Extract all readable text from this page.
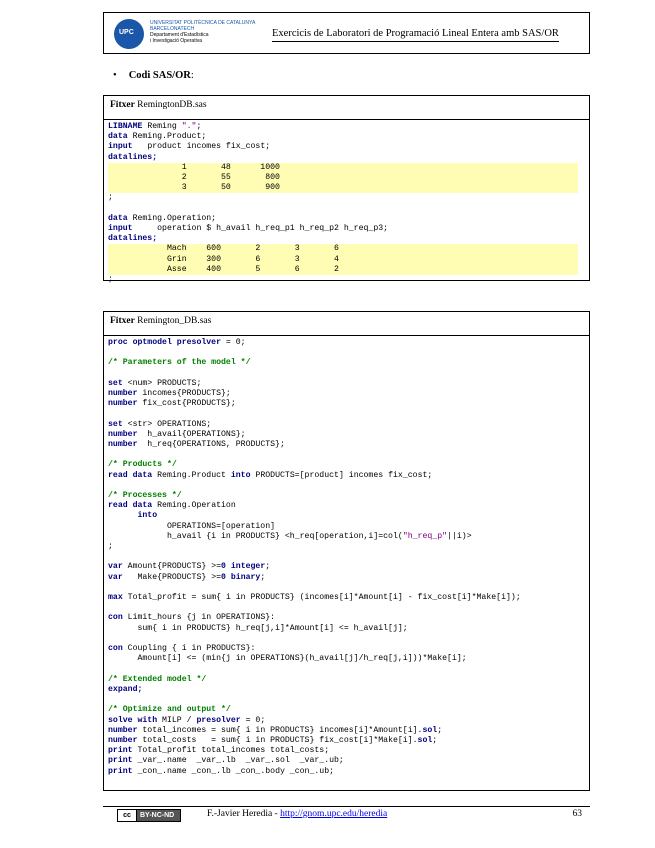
UPC
UNIVERSITAT POLITÈCNICA DE CATALUNYA
BARCELONATECH
Departament d'Estadística
i Investigació Operativa
Exercicis de Laboratori de Programació Lineal Entera amb SAS/OR
• Codi SAS/OR:
Fitxer RemingtonDB.sas
LIBNAME Reming ".";
data Reming.Product;
input   product incomes fix_cost;
datalines;
1       48      1000
2       55       800
3       50       900
;

data Reming.Operation;
input     operation $ h_avail h_req_p1 h_req_p2 h_req_p3;
datalines;
Mach    600       2       3       6
Grin    300       6       3       4
Asse    400       5       6       2
;
Fitxer Remington_DB.sas
proc optmodel presolver = 0;

/* Parameters of the model */

set <num> PRODUCTS;
number incomes{PRODUCTS};
number fix_cost{PRODUCTS};

set <str> OPERATIONS;
number  h_avail{OPERATIONS};
number  h_req{OPERATIONS, PRODUCTS};

/* Products */
read data Reming.Product into PRODUCTS=[product] incomes fix_cost;

/* Processes */
read data Reming.Operation
into
OPERATIONS=[operation]
h_avail {i in PRODUCTS} <h_req[operation,i]=col("h_req_p"||i)>
;

var Amount{PRODUCTS} >=0 integer;
var   Make{PRODUCTS} >=0 binary;

max Total_profit = sum{ i in PRODUCTS} (incomes[i]*Amount[i] - fix_cost[i]*Make[i]);

con Limit_hours {j in OPERATIONS}:
sum{ i in PRODUCTS} h_req[j,i]*Amount[i] <= h_avail[j];

con Coupling { i in PRODUCTS}:
Amount[i] <= (min{j in OPERATIONS}(h_avail[j]/h_req[j,i]))*Make[i];

/* Extended model */
expand;

/* Optimize and output */
solve with MILP / presolver = 0;
number total_incomes = sum{ i in PRODUCTS} incomes[i]*Amount[i].sol;
number total_costs   = sum{ i in PRODUCTS} fix_cost[i]*Make[i].sol;
print Total_profit total_incomes total_costs;
print _var_.name  _var_.lb  _var_.sol  _var_.ub;
print _con_.name _con_.lb _con_.body _con_.ub;
cc BY-NC-ND	F.-Javier Heredia - http://gnom.upc.edu/heredia	63
